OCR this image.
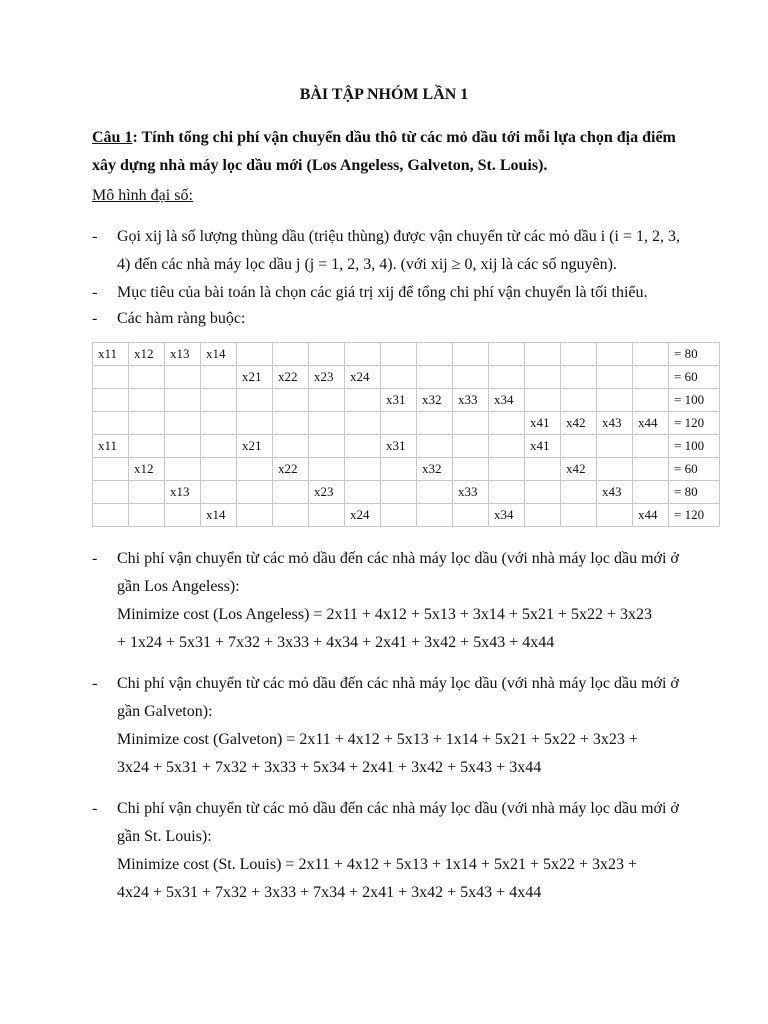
BÀI TẬP NHÓM LẦN 1
Câu 1: Tính tổng chi phí vận chuyển dầu thô từ các mỏ dầu tới mỗi lựa chọn địa điểm xây dựng nhà máy lọc dầu mới (Los Angeless, Galveton, St. Louis).
Mô hình đại số:
- Gọi xij là số lượng thùng dầu (triệu thùng) được vận chuyển từ các mỏ dầu i (i = 1, 2, 3, 4) đến các nhà máy lọc dầu j (j = 1, 2, 3, 4). (với xij ≥ 0, xij là các số nguyên).
- Mục tiêu của bài toán là chọn các giá trị xij để tổng chi phí vận chuyển là tối thiểu.
- Các hàm ràng buộc:
x11	x12	x13	x14													= 80
				x21	x22	x23	x24									= 60
								x31	x32	x33	x34					= 100
												x41	x42	x43	x44	= 120
x11				x21				x31				x41				= 100
	x12				x22				x32				x42			= 60
		x13				x23				x33				x43		= 80
			x14				x24				x34				x44	= 120
- Chi phí vận chuyển từ các mỏ dầu đến các nhà máy lọc dầu (với nhà máy lọc dầu mới ở gần Los Angeless):
Minimize cost (Los Angeless) = 2x11 + 4x12 + 5x13 + 3x14 + 5x21 + 5x22 + 3x23
+ 1x24 + 5x31 + 7x32 + 3x33 + 4x34 + 2x41 + 3x42 + 5x43 + 4x44
- Chi phí vận chuyển từ các mỏ dầu đến các nhà máy lọc dầu (với nhà máy lọc dầu mới ở gần Galveton):
Minimize cost (Galveton) = 2x11 + 4x12 + 5x13 + 1x14 + 5x21 + 5x22 + 3x23 +
3x24 + 5x31 + 7x32 + 3x33 + 5x34 + 2x41 + 3x42 + 5x43 + 3x44
- Chi phí vận chuyển từ các mỏ dầu đến các nhà máy lọc dầu (với nhà máy lọc dầu mới ở gần St. Louis):
Minimize cost (St. Louis) = 2x11 + 4x12 + 5x13 + 1x14 + 5x21 + 5x22 + 3x23 +
4x24 + 5x31 + 7x32 + 3x33 + 7x34 + 2x41 + 3x42 + 5x43 + 4x44
